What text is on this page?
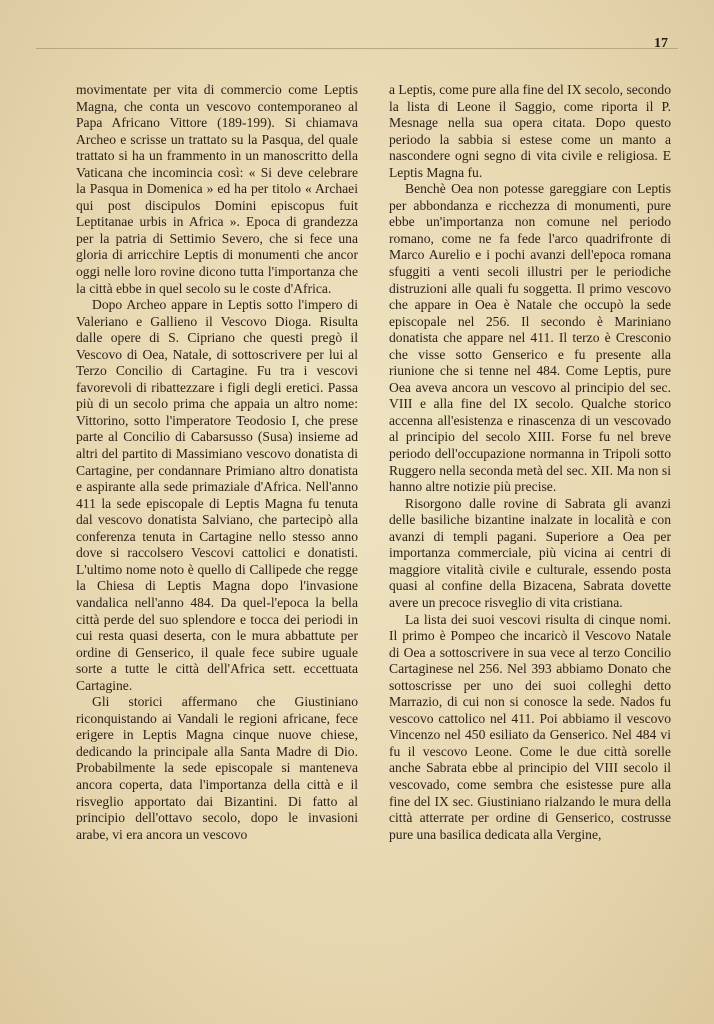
17

movimentate per vita di commercio come Leptis Magna, che conta un vescovo contemporaneo al Papa Africano Vittore (189-199). Si chiamava Archeo e scrisse un trattato su la Pasqua, del quale trattato si ha un frammento in un manoscritto della Vaticana che incomincia così: « Si deve celebrare la Pasqua in Domenica » ed ha per titolo « Archaei qui post discipulos Domini episcopus fuit Leptitanae urbis in Africa ». Epoca di grandezza per la patria di Settimio Severo, che si fece una gloria di arricchire Leptis di monumenti che ancor oggi nelle loro rovine dicono tutta l'importanza che la città ebbe in quel secolo su le coste d'Africa.

Dopo Archeo appare in Leptis sotto l'impero di Valeriano e Gallieno il Vescovo Dioga. Risulta dalle opere di S. Cipriano che questi pregò il Vescovo di Oea, Natale, di sottoscrivere per lui al Terzo Concilio di Cartagine. Fu tra i vescovi favorevoli di ribattezzare i figli degli eretici. Passa più di un secolo prima che appaia un altro nome: Vittorino, sotto l'imperatore Teodosio I, che prese parte al Concilio di Cabarsusso (Susa) insieme ad altri del partito di Massimiano vescovo donatista di Cartagine, per condannare Primiano altro donatista e aspirante alla sede primaziale d'Africa. Nell'anno 411 la sede episcopale di Leptis Magna fu tenuta dal vescovo donatista Salviano, che partecipò alla conferenza tenuta in Cartagine nello stesso anno dove si raccolsero Vescovi cattolici e donatisti. L'ultimo nome noto è quello di Callipede che regge la Chiesa di Leptis Magna dopo l'invasione vandalica nell'anno 484. Da quel-l'epoca la bella città perde del suo splendore e tocca dei periodi in cui resta quasi deserta, con le mura abbattute per ordine di Genserico, il quale fece subire uguale sorte a tutte le città dell'Africa sett. eccettuata Cartagine.

Gli storici affermano che Giustiniano riconquistando ai Vandali le regioni africane, fece erigere in Leptis Magna cinque nuove chiese, dedicando la principale alla Santa Madre di Dio. Probabilmente la sede episcopale si manteneva ancora coperta, data l'importanza della città e il risveglio apportato dai Bizantini. Di fatto al principio dell'ottavo secolo, dopo le invasioni arabe, vi era ancora un vescovo

a Leptis, come pure alla fine del IX secolo, secondo la lista di Leone il Saggio, come riporta il P. Mesnage nella sua opera citata. Dopo questo periodo la sabbia si estese come un manto a nascondere ogni segno di vita civile e religiosa. E Leptis Magna fu.

Benchè Oea non potesse gareggiare con Leptis per abbondanza e ricchezza di monumenti, pure ebbe un'importanza non comune nel periodo romano, come ne fa fede l'arco quadrifronte di Marco Aurelio e i pochi avanzi dell'epoca romana sfuggiti a venti secoli illustri per le periodiche distruzioni alle quali fu soggetta. Il primo vescovo che appare in Oea è Natale che occupò la sede episcopale nel 256. Il secondo è Mariniano donatista che appare nel 411. Il terzo è Cresconio che visse sotto Genserico e fu presente alla riunione che si tenne nel 484. Come Leptis, pure Oea aveva ancora un vescovo al principio del sec. VIII e alla fine del IX secolo. Qualche storico accenna all'esistenza e rinascenza di un vescovado al principio del secolo XIII. Forse fu nel breve periodo dell'occupazione normanna in Tripoli sotto Ruggero nella seconda metà del sec. XII. Ma non si hanno altre notizie più precise.

Risorgono dalle rovine di Sabrata gli avanzi delle basiliche bizantine inalzate in località e con avanzi di templi pagani. Superiore a Oea per importanza commerciale, più vicina ai centri di maggiore vitalità civile e culturale, essendo posta quasi al confine della Bizacena, Sabrata dovette avere un precoce risveglio di vita cristiana.

La lista dei suoi vescovi risulta di cinque nomi. Il primo è Pompeo che incaricò il Vescovo Natale di Oea a sottoscrivere in sua vece al terzo Concilio Cartaginese nel 256. Nel 393 abbiamo Donato che sottoscrisse per uno dei suoi colleghi detto Marrazio, di cui non si conosce la sede. Nados fu vescovo cattolico nel 411. Poi abbiamo il vescovo Vincenzo nel 450 esiliato da Genserico. Nel 484 vi fu il vescovo Leone. Come le due città sorelle anche Sabrata ebbe al principio del VIII secolo il vescovado, come sembra che esistesse pure alla fine del IX sec. Giustiniano rialzando le mura della città atterrate per ordine di Genserico, costrusse pure una basilica dedicata alla Vergine,
